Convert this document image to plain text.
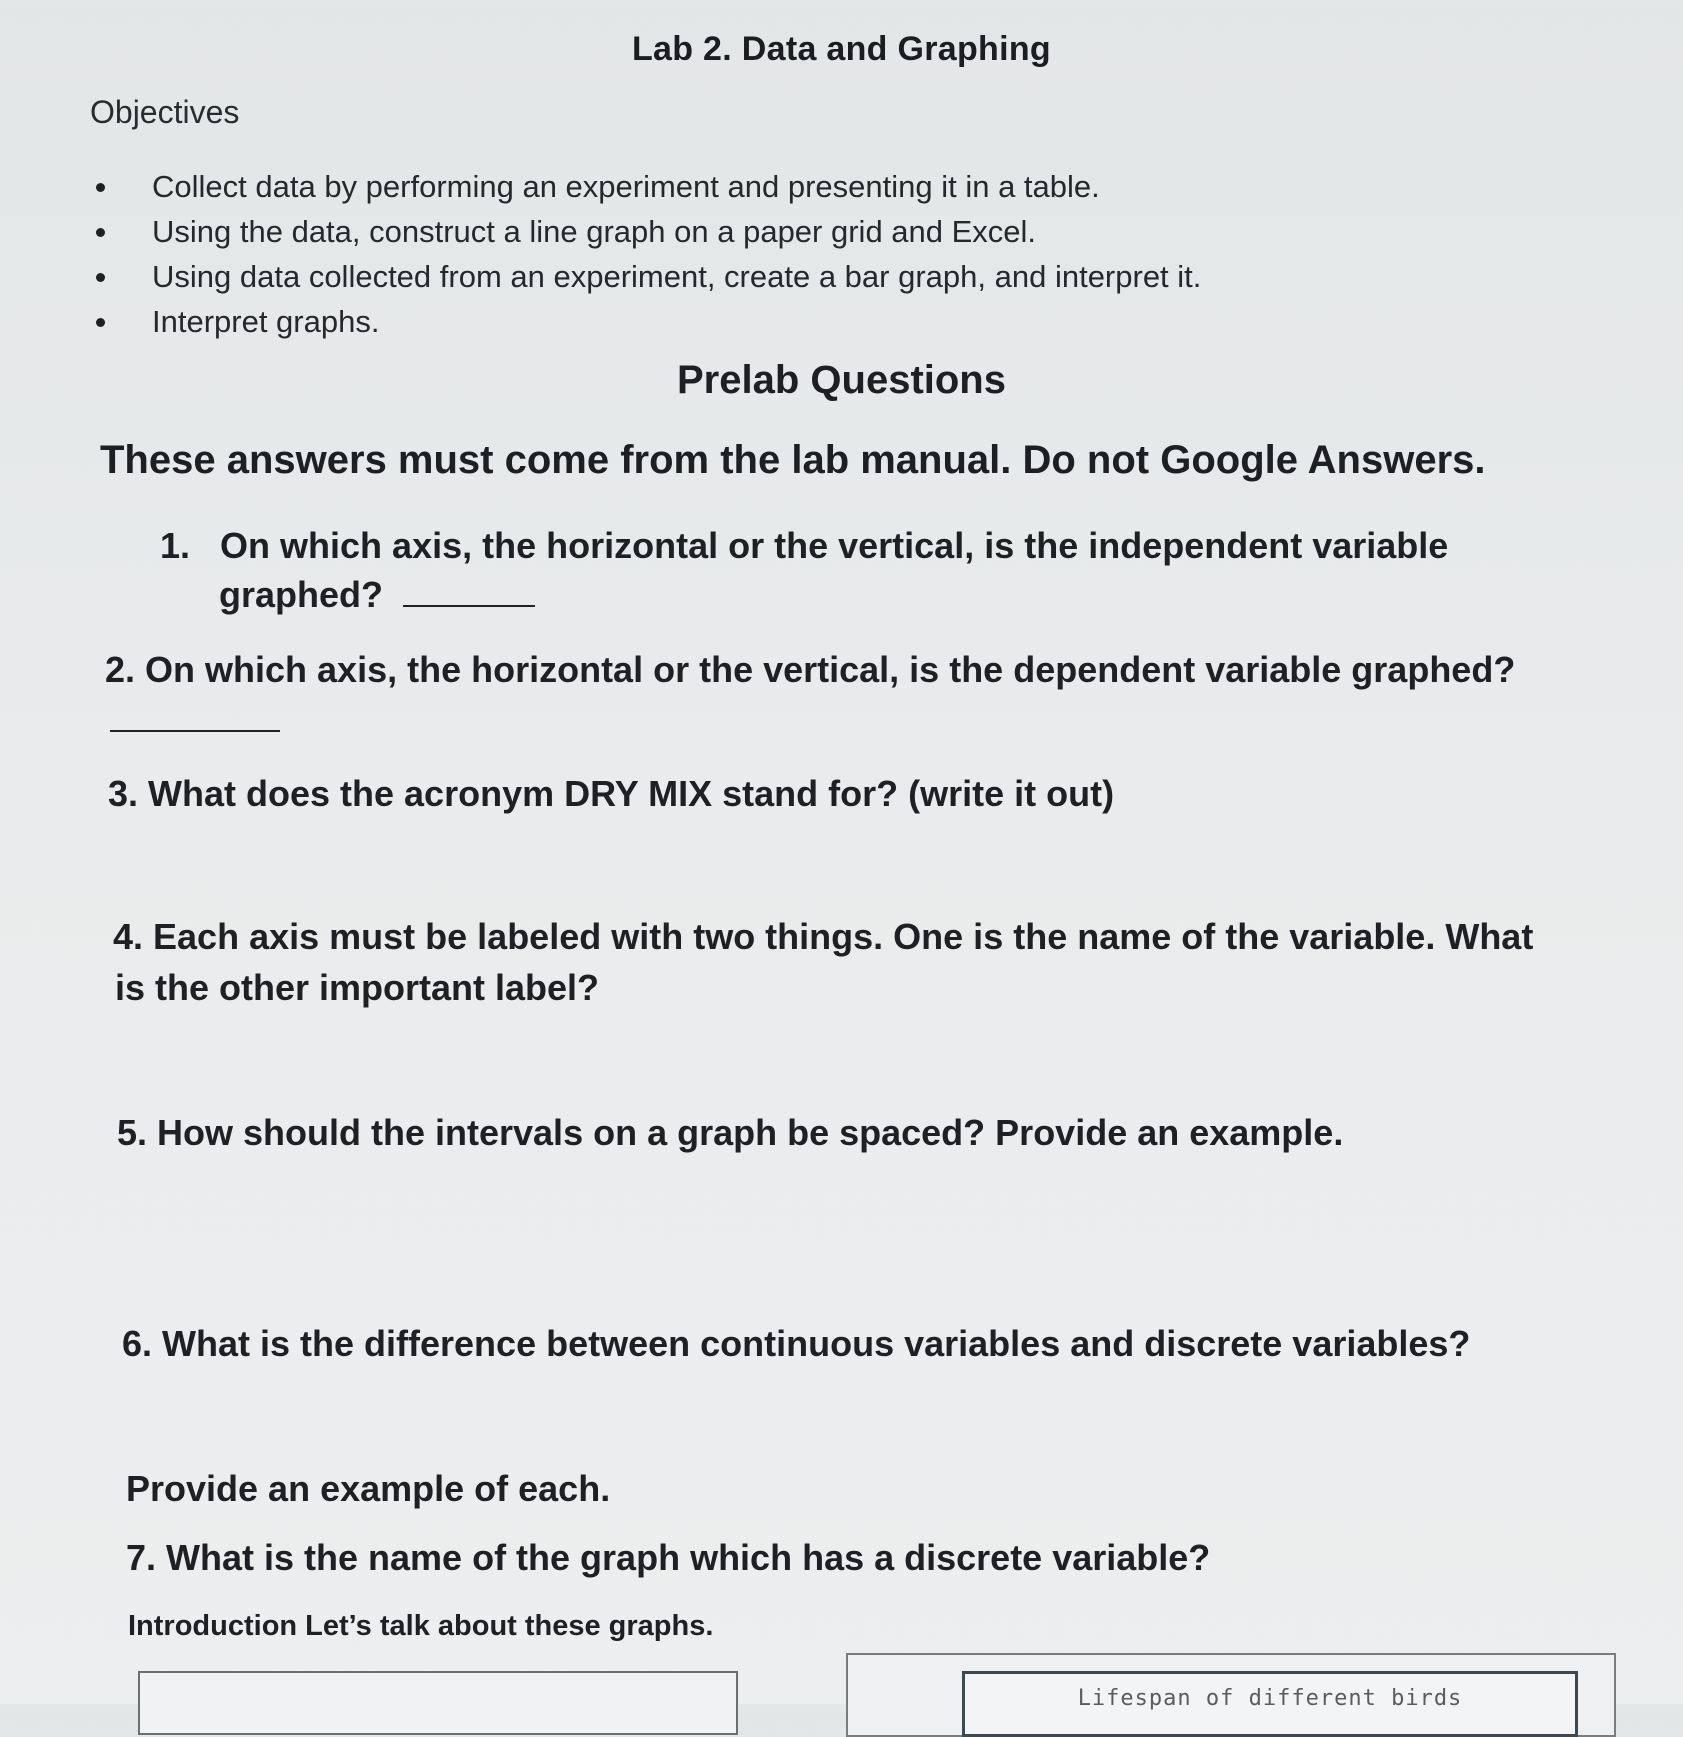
Lab 2. Data and Graphing
Objectives
Collect data by performing an experiment and presenting it in a table.
Using the data, construct a line graph on a paper grid and Excel.
Using data collected from an experiment, create a bar graph, and interpret it.
Interpret graphs.
Prelab Questions
These answers must come from the lab manual. Do not Google Answers.
1. On which axis, the horizontal or the vertical, is the independent variable
graphed?
2. On which axis, the horizontal or the vertical, is the dependent variable graphed?
3. What does the acronym DRY MIX stand for? (write it out)
4. Each axis must be labeled with two things. One is the name of the variable. What
is the other important label?
5. How should the intervals on a graph be spaced? Provide an example.
6. What is the difference between continuous variables and discrete variables?
Provide an example of each.
7. What is the name of the graph which has a discrete variable?
Introduction Let’s talk about these graphs.
Lifespan of different birds
